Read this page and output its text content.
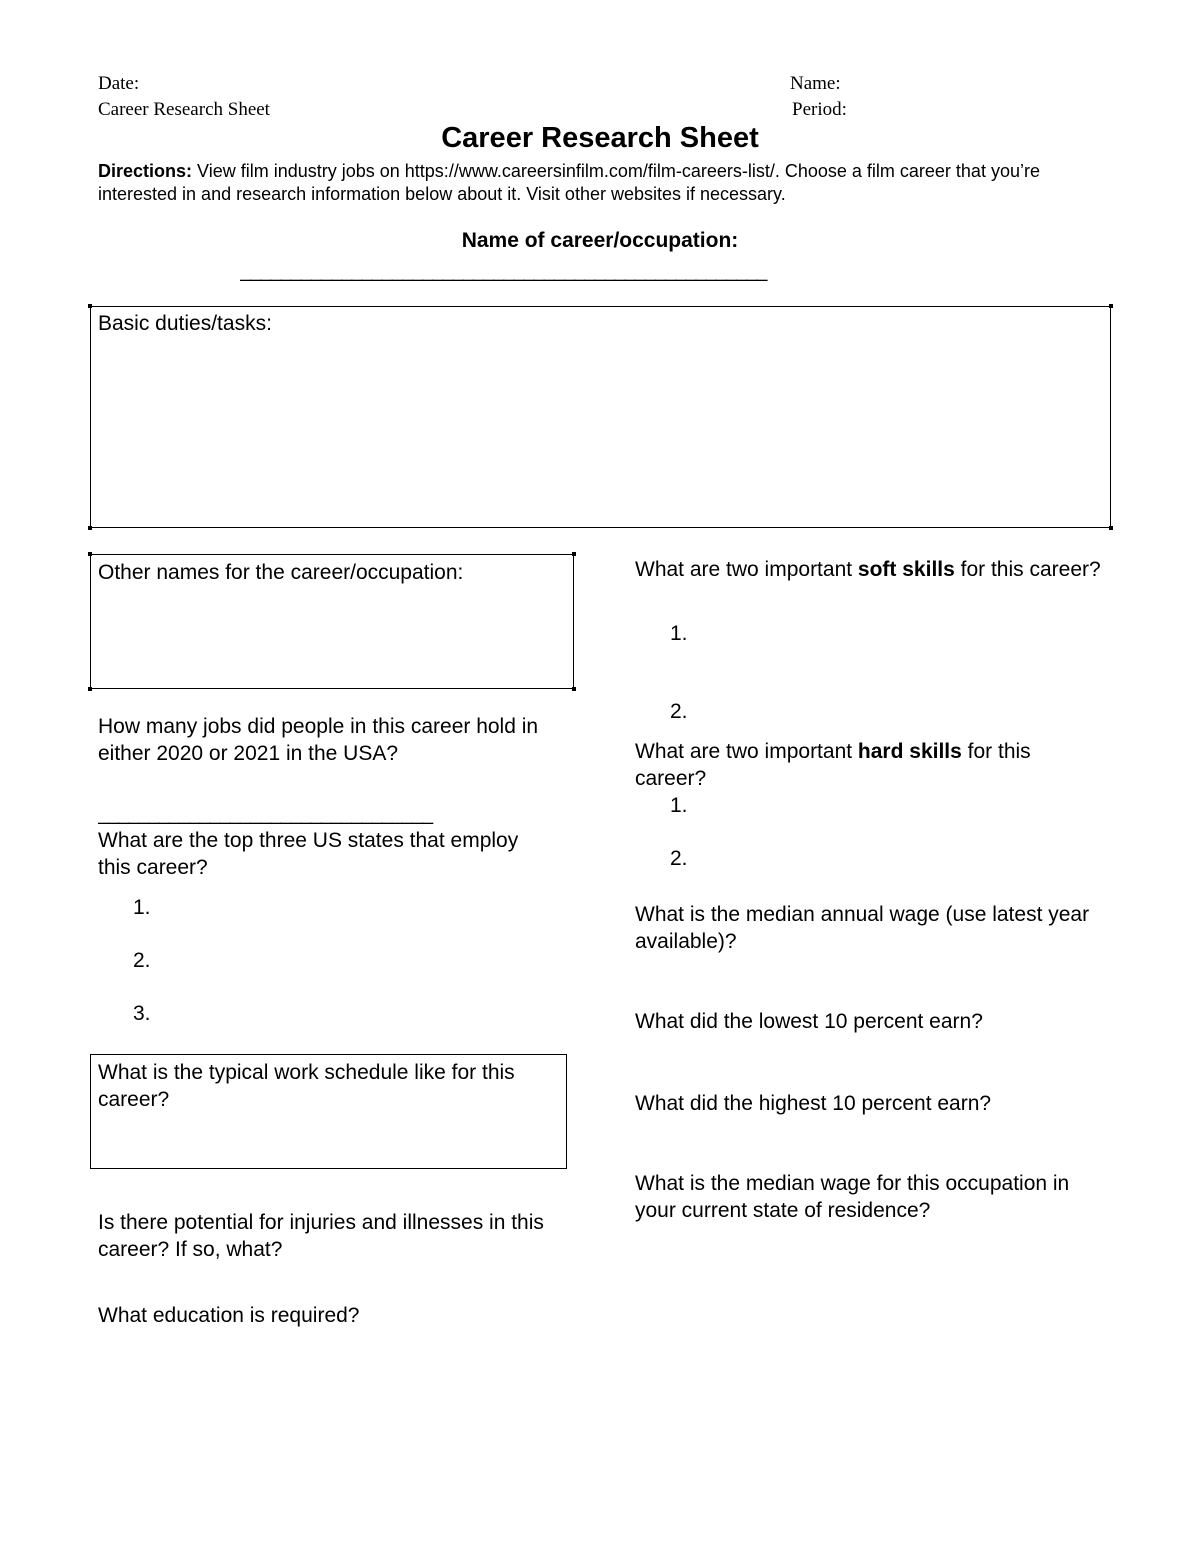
Date:	Name:
Career Research Sheet	Period:
Career Research Sheet
Directions: View film industry jobs on https://www.careersinfilm.com/film-careers-list/. Choose a film career that you’re interested in and research information below about it. Visit other websites if necessary.
Name of career/occupation:
____________________________________________________
Basic duties/tasks:
Other names for the career/occupation:
How many jobs did people in this career hold in either 2020 or 2021 in the USA?
_________________________________
What are the top three US states that employ this career?
1.
2.
3.
What is the typical work schedule like for this career?
Is there potential for injuries and illnesses in this career? If so, what?
What education is required?
What are two important soft skills for this career?
1.
2.
What are two important hard skills for this career?
1.
2.
What is the median annual wage (use latest year available)?
What did the lowest 10 percent earn?
What did the highest 10 percent earn?
What is the median wage for this occupation in your current state of residence?
